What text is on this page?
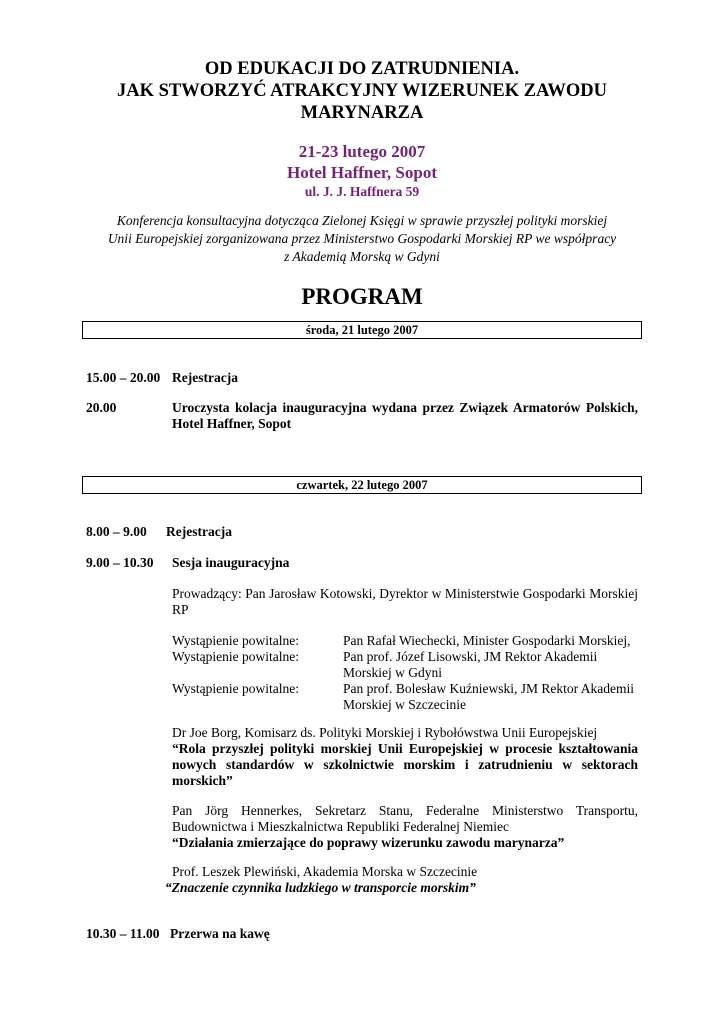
OD EDUKACJI DO ZATRUDNIENIA.
JAK STWORZYĆ ATRAKCYJNY WIZERUNEK ZAWODU
MARYNARZA
21-23 lutego 2007
Hotel Haffner, Sopot
ul. J. J. Haffnera 59
Konferencja konsultacyjna dotycząca Zielonej Księgi w sprawie przyszłej polityki morskiej
Unii Europejskiej zorganizowana przez Ministerstwo Gospodarki Morskiej RP we współpracy
z Akademią Morską w Gdyni
PROGRAM
środa, 21 lutego 2007
15.00 – 20.00 Rejestracja
20.00	Uroczysta kolacja inauguracyjna wydana przez Związek Armatorów Polskich,
Hotel Haffner, Sopot
czwartek, 22 lutego 2007
8.00 – 9.00 Rejestracja
9.00 – 10.30 Sesja inauguracyjna
Prowadzący: Pan Jarosław Kotowski, Dyrektor w Ministerstwie Gospodarki Morskiej
RP
Wystąpienie powitalne:	Pan Rafał Wiechecki, Minister Gospodarki Morskiej,
Wystąpienie powitalne:	Pan prof. Józef Lisowski, JM Rektor Akademii
Morskiej w Gdyni
Wystąpienie powitalne:	Pan prof. Bolesław Kuźniewski, JM Rektor Akademii
Morskiej w Szczecinie
Dr Joe Borg, Komisarz ds. Polityki Morskiej i Rybołówstwa Unii Europejskiej
“Rola przyszłej polityki morskiej Unii Europejskiej w procesie kształtowania
nowych standardów w szkolnictwie morskim i zatrudnieniu w sektorach
morskich”
Pan Jörg Hennerkes, Sekretarz Stanu, Federalne Ministerstwo Transportu,
Budownictwa i Mieszkalnictwa Republiki Federalnej Niemiec
“Działania zmierzające do poprawy wizerunku zawodu marynarza”
Prof. Leszek Plewiński, Akademia Morska w Szczecinie
“Znaczenie czynnika ludzkiego w transporcie morskim”
10.30 – 11.00 Przerwa na kawę
